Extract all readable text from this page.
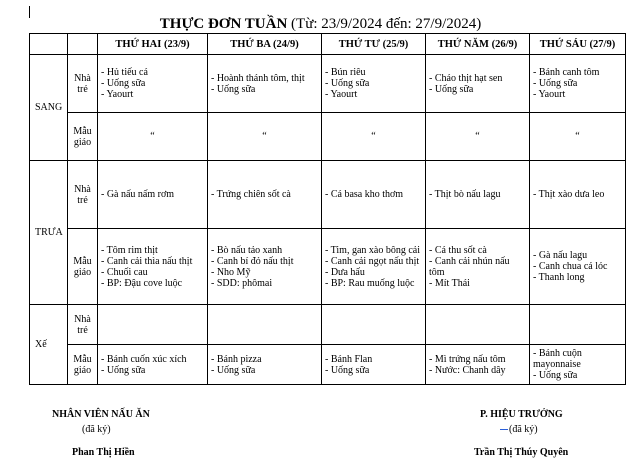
THỰC ĐƠN TUẦN (Từ: 23/9/2024 đến: 27/9/2024)
		THỨ HAI (23/9)	THỨ BA (24/9)	THỨ TƯ (25/9)	THỨ NĂM (26/9)	THỨ SÁU (27/9)
SANG	Nhà trẻ	- Hủ tiếu cá
- Uống sữa
- Yaourt	- Hoành thánh tôm, thịt
- Uống sữa	- Bún riêu
- Uống sữa
- Yaourt	- Cháo thịt hạt sen
- Uống sữa	- Bánh canh tôm
- Uống sữa
- Yaourt
	Mẫu giáo	“	“	“	“	“
TRƯA	Nhà trẻ	- Gà nấu nấm rơm	- Trứng chiên sốt cà	- Cá basa kho thơm	- Thịt bò nấu lagu	- Thịt xào dưa leo
	Mẫu giáo	- Tôm rim thịt
- Canh cải thìa nấu thịt
- Chuối cau
- BP: Đậu cove luộc	- Bò nấu tảo xanh
- Canh bí đỏ nấu thịt
- Nho Mỹ
- SDD: phômai	- Tim, gan xào bông cải
- Canh cải ngọt nấu thịt
- Dưa hấu
- BP: Rau muống luộc	- Cá thu sốt cà
- Canh cải nhún nấu tôm
- Mít Thái	- Gà nấu lagu
- Canh chua cá lóc
- Thanh long
Xế	Nhà trẻ					
	Mẫu giáo	- Bánh cuốn xúc xích
- Uống sữa	- Bánh pizza
- Uống sữa	- Bánh Flan
- Uống sữa	- Mì trứng nấu tôm
- Nước: Chanh dây	- Bánh cuộn mayonnaise
- Uống sữa
NHÂN VIÊN NẤU ĂN
(đã ký)
Phan Thị Hiền
P. HIỆU TRƯỞNG
(đã ký)
Trần Thị Thúy Quyên
